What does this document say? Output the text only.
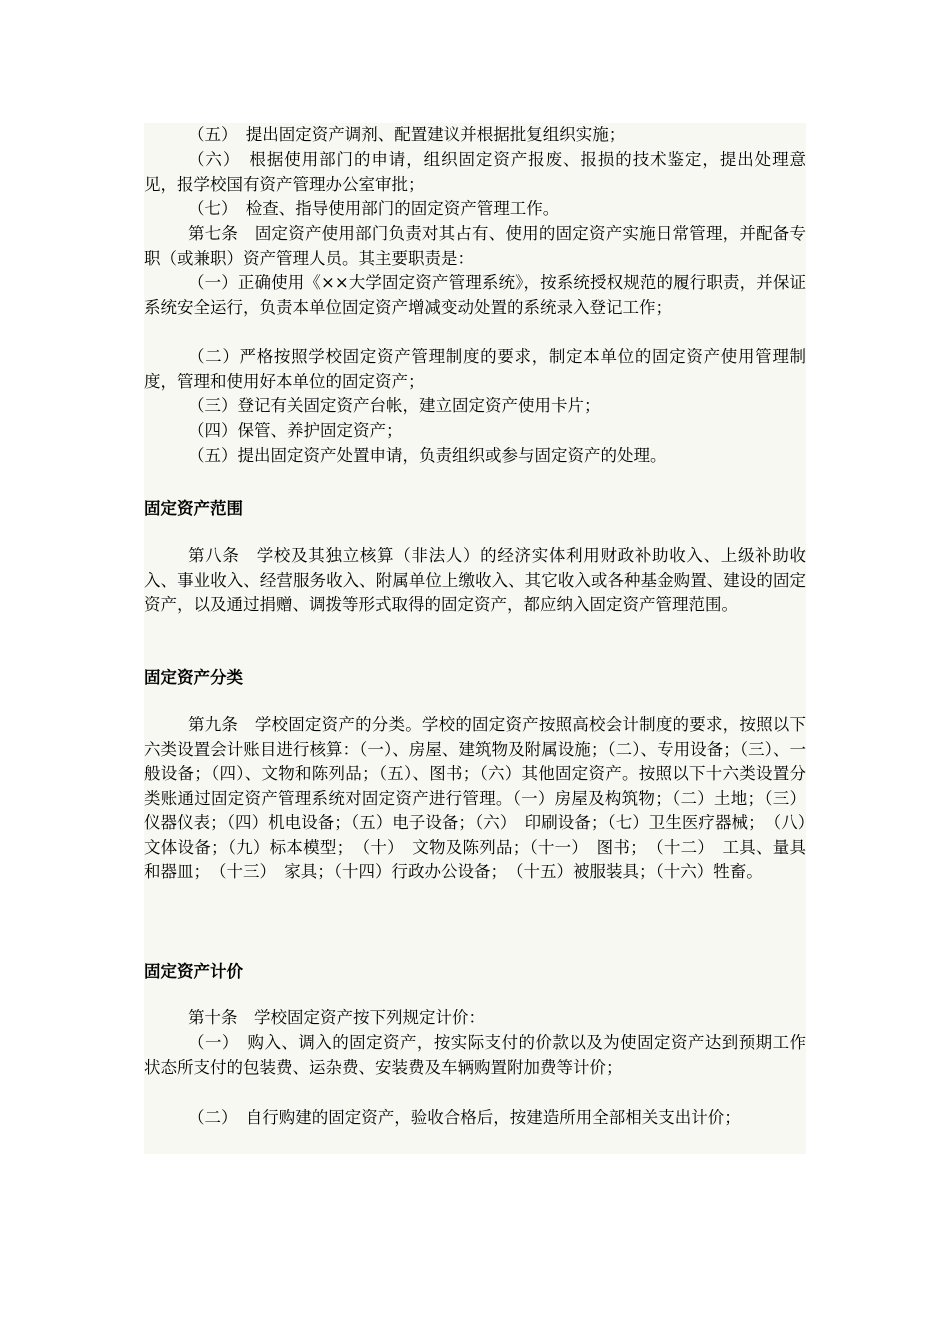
（五）　提出固定资产调剂、配置建议并根据批复组织实施；

（六）　根据使用部门的申请，组织固定资产报废、报损的技术鉴定，提出处理意见，报学校国有资产管理办公室审批；

（七）　检查、指导使用部门的固定资产管理工作。

第七条　固定资产使用部门负责对其占有、使用的固定资产实施日常管理，并配备专职（或兼职）资产管理人员。其主要职责是：

（一）正确使用《××大学固定资产管理系统》，按系统授权规范的履行职责，并保证系统安全运行，负责本单位固定资产增减变动处置的系统录入登记工作；

（二）严格按照学校固定资产管理制度的要求，制定本单位的固定资产使用管理制度，管理和使用好本单位的固定资产；

（三）登记有关固定资产台帐，建立固定资产使用卡片；

（四）保管、养护固定资产；

（五）提出固定资产处置申请，负责组织或参与固定资产的处理。

固定资产范围

第八条　学校及其独立核算（非法人）的经济实体利用财政补助收入、上级补助收入、事业收入、经营服务收入、附属单位上缴收入、其它收入或各种基金购置、建设的固定资产，以及通过捐赠、调拨等形式取得的固定资产，都应纳入固定资产管理范围。

固定资产分类

第九条　学校固定资产的分类。学校的固定资产按照高校会计制度的要求，按照以下六类设置会计账目进行核算：（一）、房屋、建筑物及附属设施；（二）、专用设备；（三）、一般设备；（四）、文物和陈列品；（五）、图书；（六）其他固定资产。按照以下十六类设置分类账通过固定资产管理系统对固定资产进行管理。（一）房屋及构筑物；（二）土地；（三）仪器仪表；（四）机电设备；（五）电子设备；（六）　印刷设备；（七）卫生医疗器械；　（八）文体设备；（九）标本模型；　（十）　文物及陈列品；（十一）　图书；　（十二）　工具、量具和器皿；　（十三）　家具；（十四）行政办公设备；　（十五）被服装具；（十六）牲畜。

固定资产计价

第十条　学校固定资产按下列规定计价：

（一）　购入、调入的固定资产，按实际支付的价款以及为使固定资产达到预期工作状态所支付的包装费、运杂费、安装费及车辆购置附加费等计价；

（二）　自行购建的固定资产，验收合格后，按建造所用全部相关支出计价；
